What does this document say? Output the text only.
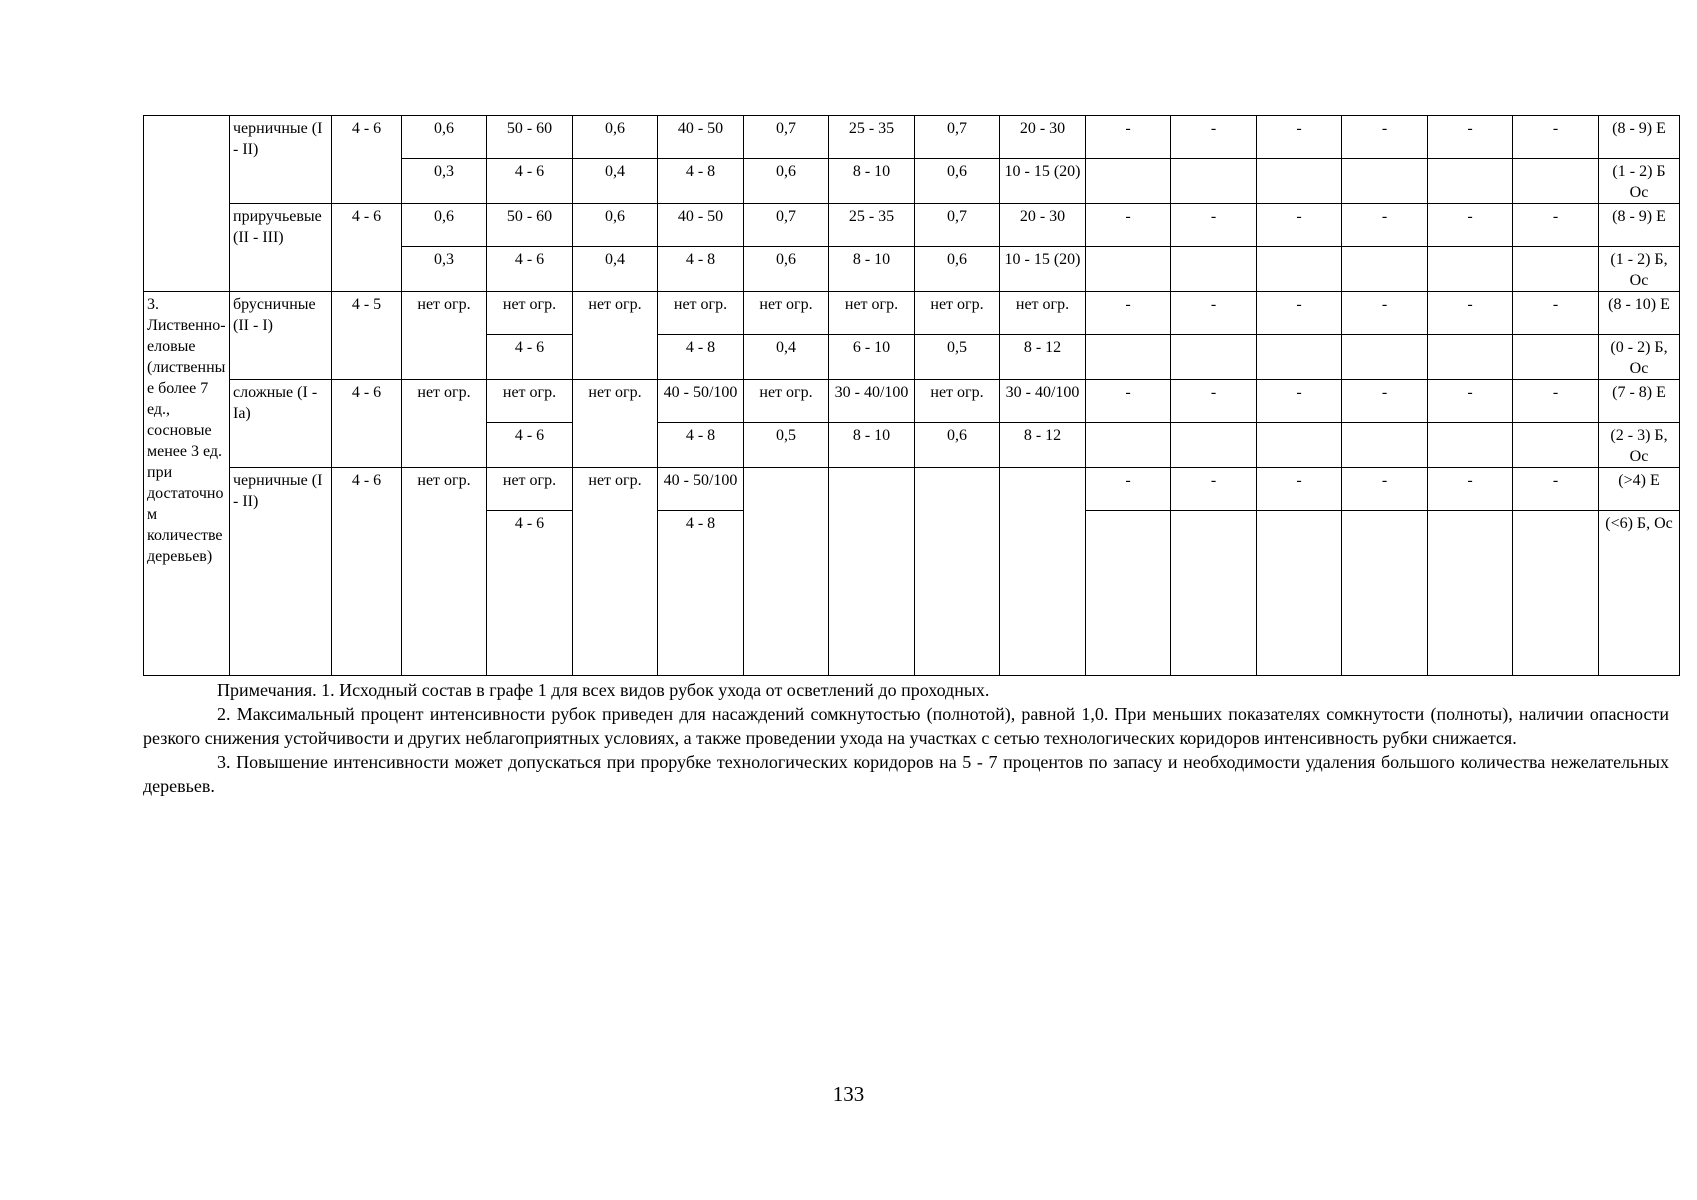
	черничные (I - II)	4 - 6	0,6	50 - 60	0,6	40 - 50	0,7	25 - 35	0,7	20 - 30	-	-	-	-	-	-	(8 - 9) Е
			0,3	4 - 6	0,4	4 - 8	0,6	8 - 10	0,6	10 - 15 (20)							(1 - 2) Б Ос
	приручьевые (II - III)	4 - 6	0,6	50 - 60	0,6	40 - 50	0,7	25 - 35	0,7	20 - 30	-	-	-	-	-	-	(8 - 9) Е
			0,3	4 - 6	0,4	4 - 8	0,6	8 - 10	0,6	10 - 15 (20)							(1 - 2) Б, Ос
3. Лиственно-еловые (лиственные более 7 ед., сосновые менее 3 ед. при достаточном количестве деревьев)	брусничные (II - I)	4 - 5	нет огр.	нет огр.	нет огр.	нет огр.	нет огр.	нет огр.	нет огр.	нет огр.	-	-	-	-	-	-	(8 - 10) Е
				4 - 6		4 - 8	0,4	6 - 10	0,5	8 - 12							(0 - 2) Б, Ос
	сложные (I - Ia)	4 - 6	нет огр.	нет огр.	нет огр.	40 - 50/100	нет огр.	30 - 40/100	нет огр.	30 - 40/100	-	-	-	-	-	-	(7 - 8) Е
				4 - 6		4 - 8	0,5	8 - 10	0,6	8 - 12							(2 - 3) Б, Ос
	черничные (I - II)	4 - 6	нет огр.	нет огр.	нет огр.	40 - 50/100					-	-	-	-	-	-	(>4) Е
				4 - 6		4 - 8											(<6) Б, Ос

Примечания. 1. Исходный состав в графе 1 для всех видов рубок ухода от осветлений до проходных.

2. Максимальный процент интенсивности рубок приведен для насаждений сомкнутостью (полнотой), равной 1,0. При меньших показателях сомкнутости (полноты), наличии опасности резкого снижения устойчивости и других неблагоприятных условиях, а также проведении ухода на участках с сетью технологических коридоров интенсивность рубки снижается.

3. Повышение интенсивности может допускаться при прорубке технологических коридоров на 5 - 7 процентов по запасу и необходимости удаления большого количества нежелательных деревьев.

133
